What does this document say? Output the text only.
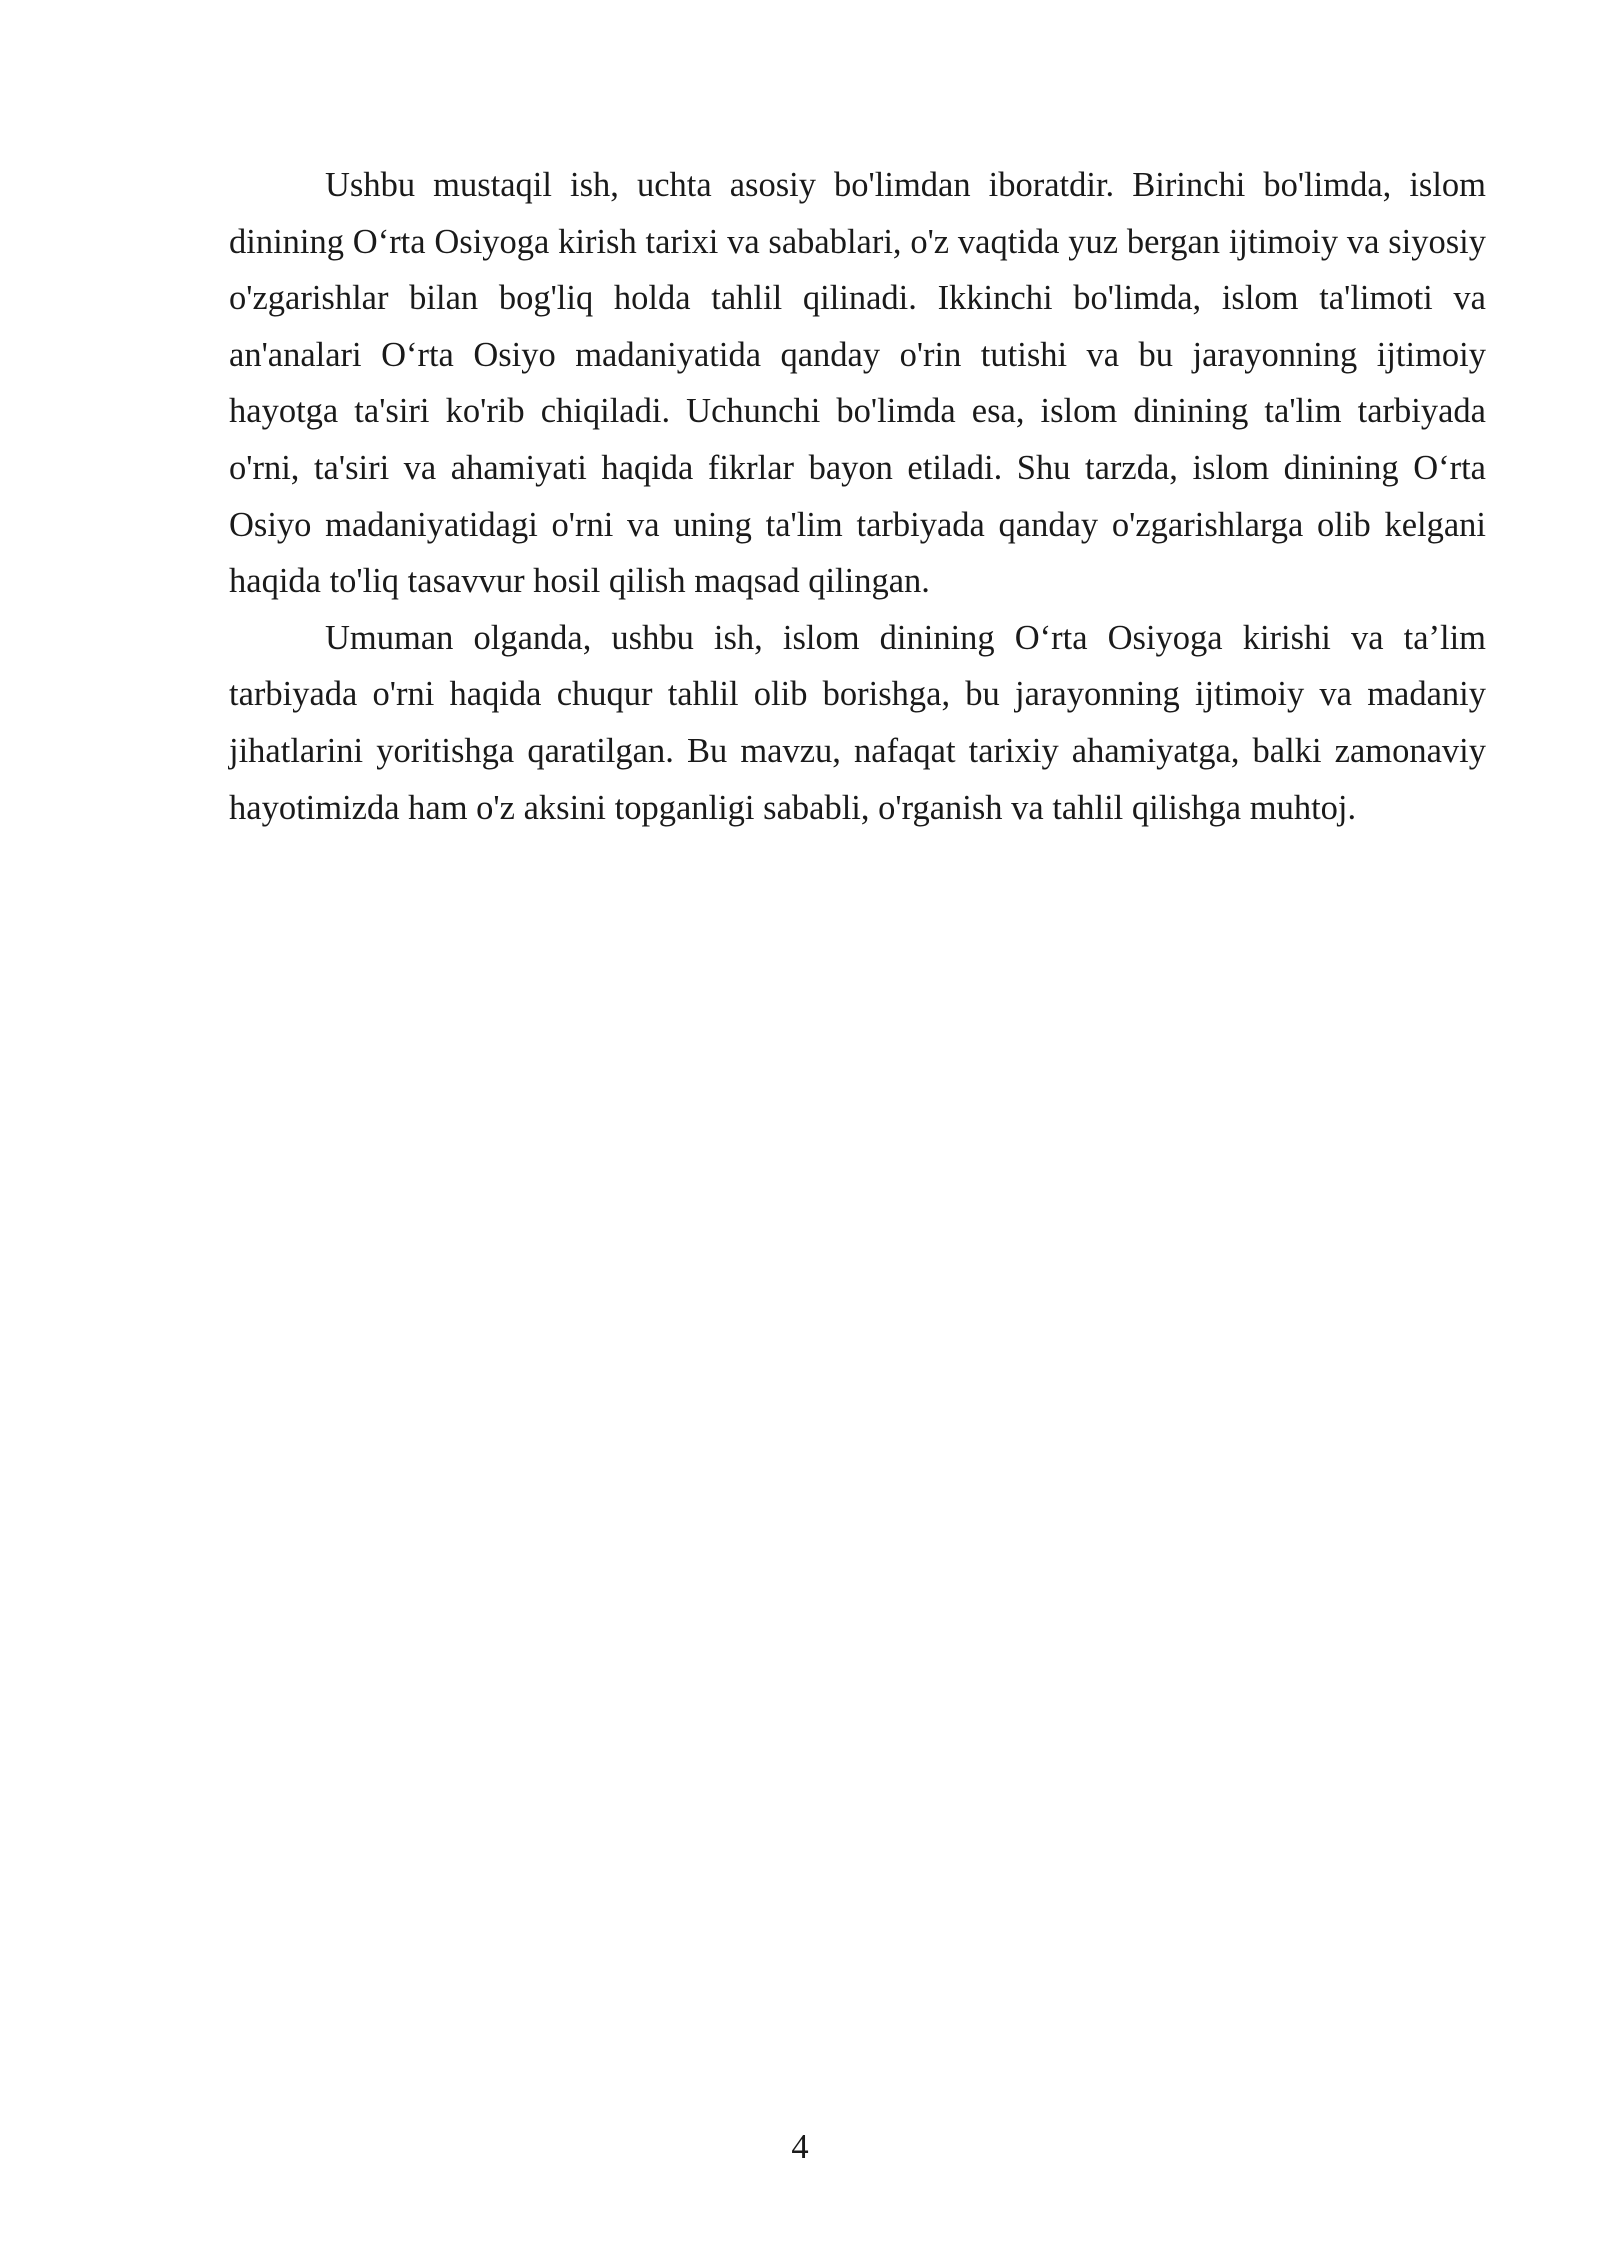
Ushbu mustaqil ish, uchta asosiy bo'limdan iboratdir. Birinchi bo'limda, islom dinining O‘rta Osiyoga kirish tarixi va sabablari, o'z vaqtida yuz bergan ijtimoiy va siyosiy o'zgarishlar bilan bog'liq holda tahlil qilinadi. Ikkinchi bo'limda, islom ta'limoti va an'analari O‘rta Osiyo madaniyatida qanday o'rin tutishi va bu jarayonning ijtimoiy hayotga ta'siri ko'rib chiqiladi. Uchunchi bo'limda esa, islom dinining ta'lim tarbiyada o'rni, ta'siri va ahamiyati haqida fikrlar bayon etiladi. Shu tarzda, islom dinining O‘rta Osiyo madaniyatidagi o'rni va uning ta'lim tarbiyada qanday o'zgarishlarga olib kelgani haqida to'liq tasavvur hosil qilish maqsad qilingan.

Umuman olganda, ushbu ish, islom dinining O‘rta Osiyoga kirishi va ta’lim tarbiyada o'rni haqida chuqur tahlil olib borishga, bu jarayonning ijtimoiy va madaniy jihatlarini yoritishga qaratilgan. Bu mavzu, nafaqat tarixiy ahamiyatga, balki zamonaviy hayotimizda ham o'z aksini topganligi sababli, o'rganish va tahlil qilishga muhtoj.

4
